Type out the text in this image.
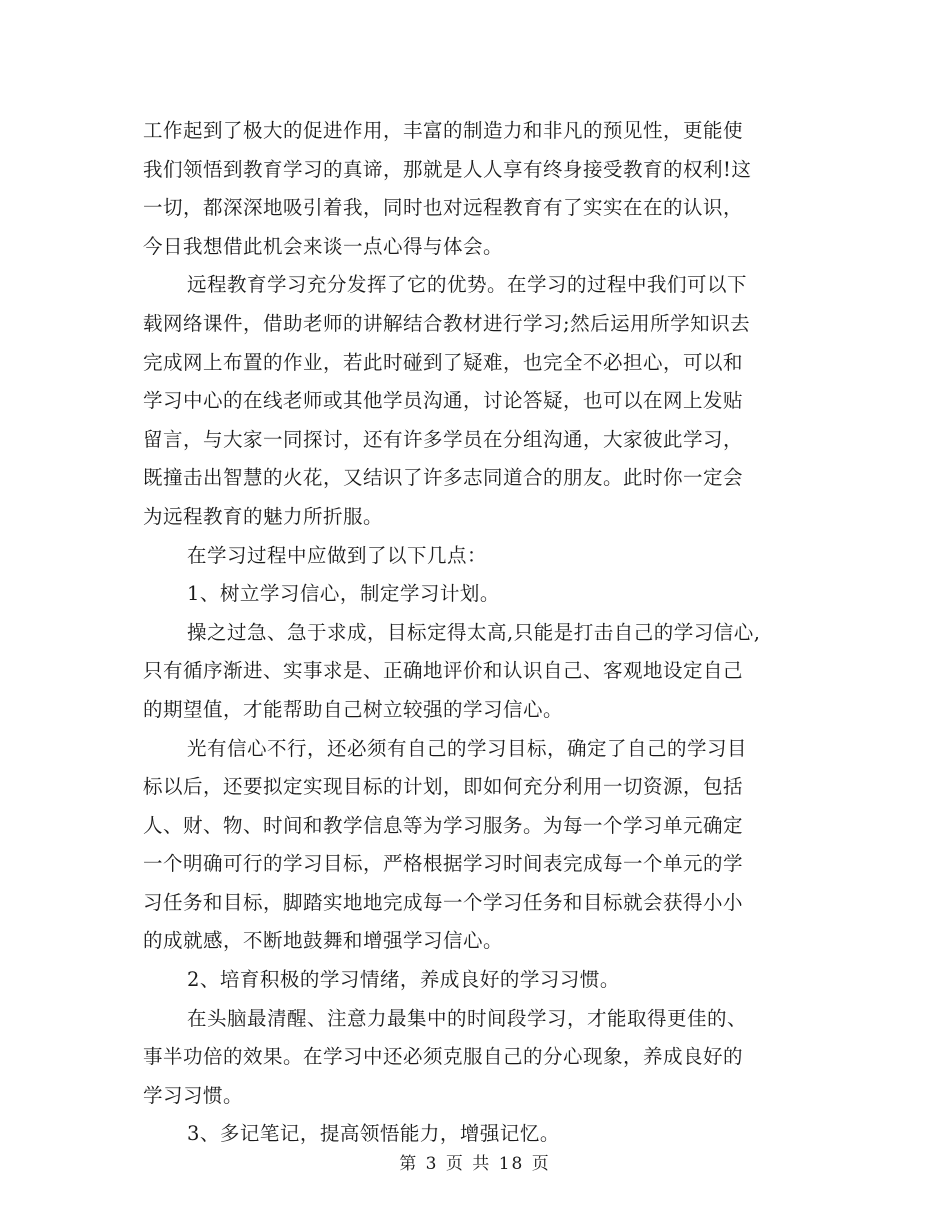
工作起到了极大的促进作用，丰富的制造力和非凡的预见性，更能使
我们领悟到教育学习的真谛，那就是人人享有终身接受教育的权利!这
一切，都深深地吸引着我，同时也对远程教育有了实实在在的认识，
今日我想借此机会来谈一点心得与体会。
远程教育学习充分发挥了它的优势。在学习的过程中我们可以下
载网络课件，借助老师的讲解结合教材进行学习;然后运用所学知识去
完成网上布置的作业，若此时碰到了疑难，也完全不必担心，可以和
学习中心的在线老师或其他学员沟通，讨论答疑，也可以在网上发贴
留言，与大家一同探讨，还有许多学员在分组沟通，大家彼此学习，
既撞击出智慧的火花，又结识了许多志同道合的朋友。此时你一定会
为远程教育的魅力所折服。
在学习过程中应做到了以下几点：
1、树立学习信心，制定学习计划。
操之过急、急于求成，目标定得太高,只能是打击自己的学习信心,
只有循序渐进、实事求是、正确地评价和认识自己、客观地设定自己
的期望值，才能帮助自己树立较强的学习信心。
光有信心不行，还必须有自己的学习目标，确定了自己的学习目
标以后，还要拟定实现目标的计划，即如何充分利用一切资源，包括
人、财、物、时间和教学信息等为学习服务。为每一个学习单元确定
一个明确可行的学习目标，严格根据学习时间表完成每一个单元的学
习任务和目标，脚踏实地地完成每一个学习任务和目标就会获得小小
的成就感，不断地鼓舞和增强学习信心。
2、培育积极的学习情绪，养成良好的学习习惯。
在头脑最清醒、注意力最集中的时间段学习，才能取得更佳的、
事半功倍的效果。在学习中还必须克服自己的分心现象，养成良好的
学习习惯。
3、多记笔记，提高领悟能力，增强记忆。
第 3 页 共 18 页
